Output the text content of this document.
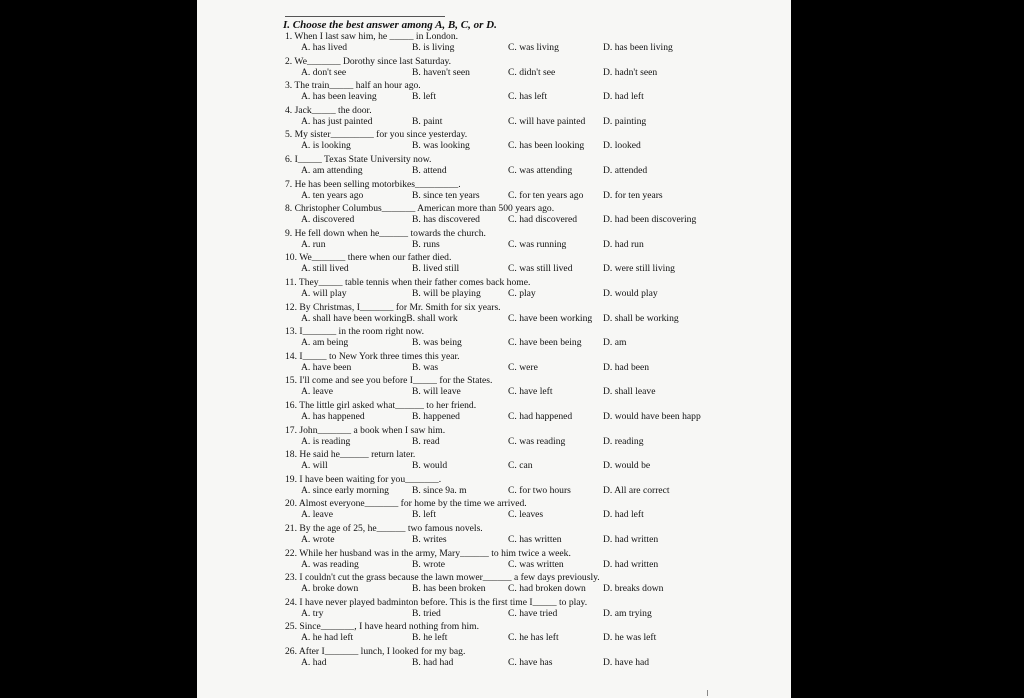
I. Choose the best answer among A, B, C, or D.
1. When I last saw him, he _____ in London.
A. has lived	B. is living	C. was living	D. has been living
2. We_______ Dorothy since last Saturday.
A. don't see	B. haven't seen	C. didn't see	D. hadn't seen
3. The train_____ half an hour ago.
A. has been leaving	B. left	C. has left	D. had left
4. Jack_____ the door.
A. has just painted	B. paint	C. will have painted D. painting
5. My sister_________ for you since yesterday.
A. is looking	B. was looking	C. has been looking D. looked
6. I_____ Texas State University now.
A. am attending	B. attend	C. was attending	D. attended
7. He has been selling motorbikes_________.
A. ten years ago	B. since ten years	C. for ten years ago D. for ten years
8. Christopher Columbus_______ American more than 500 years ago.
A. discovered	B. has discovered	C. had discovered	D. had been discovering
9. He fell down when he______ towards the church.
A. run	B. runs	C. was running	D. had run
10. We_______ there when our father died.
A. still lived	B. lived still	C. was still lived	D. were still living
11. They_____ table tennis when their father comes back home.
A. will play	B. will be playing	C. play	D. would play
12. By Christmas, I_______ for Mr. Smith for six years.
A. shall have been workingB. shall work	C. have been working D. shall be working
13. I_______ in the room right now.
A. am being	B. was being	C. have been being D. am
14. I_____ to New York three times this year.
A. have been	B. was	C. were	D. had been
15. I'll come and see you before I_____ for the States.
A. leave	B. will leave	C. have left	D. shall leave
16. The little girl asked what______ to her friend.
A. has happened	B. happened	C. had happened	D. would have been happ
17. John_______ a book when I saw him.
A. is reading	B. read	C. was reading	D. reading
18. He said he______ return later.
A. will	B. would	C. can	D. would be
19. I have been waiting for you_______.
A. since early morning B. since 9a. m	C. for two hours	D. All are correct
20. Almost everyone_______ for home by the time we arrived.
A. leave	B. left	C. leaves	D. had left
21. By the age of 25, he______ two famous novels.
A. wrote	B. writes	C. has written	D. had written
22. While her husband was in the army, Mary______ to him twice a week.
A. was reading	B. wrote	C. was written	D. had written
23. I couldn't cut the grass because the lawn mower______ a few days previously.
A. broke down	B. has been broken C. had broken down D. breaks down
24. I have never played badminton before. This is the first time I_____ to play.
A. try	B. tried	C. have tried	D. am trying
25. Since_______, I have heard nothing from him.
A. he had left	B. he left	C. he has left	D. he was left
26. After I_______ lunch, I looked for my bag.
A. had	B. had had	C. have has	D. have had
